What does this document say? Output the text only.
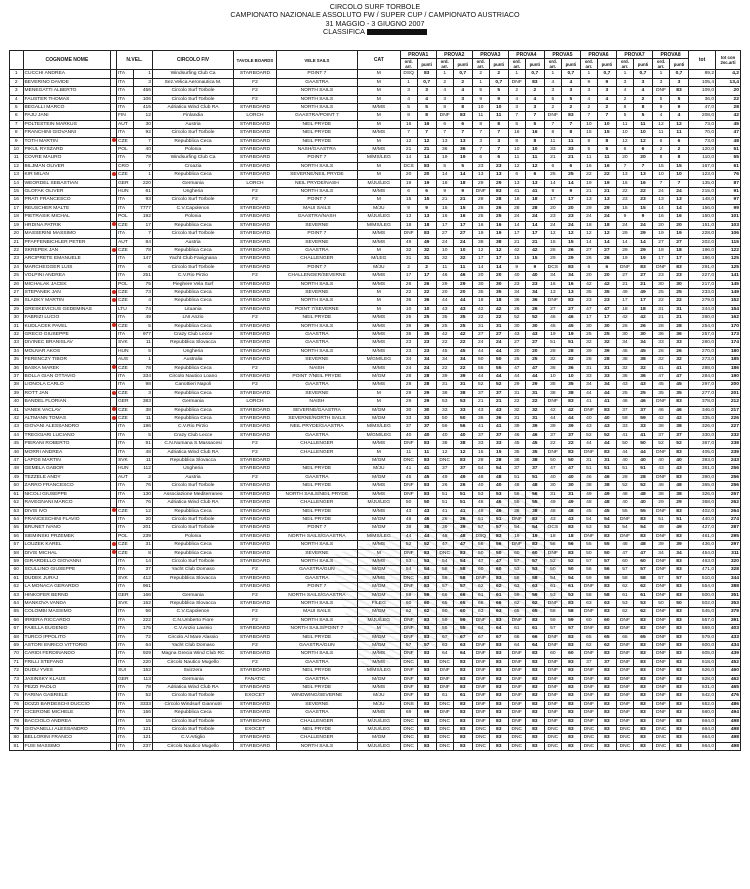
CIRCOLO SURF TORBOLE
CAMPIONATO NAZIONALE ASSOLUTO FW / SUPER CUP / CAMPIONATO AUSTRIACO
31 MAGGIO - 3 GIUGNO 2007
CLASSIFICA
	COGNOME NOME		N.VEL.		CIRCOLO FIV	TAVOLE BOARDS	VELE SAILS	CAT	PROVA1		PROVA2		PROVA3		PROVA4		PROVA5		PROVA6		PROVA7		PROVA8		tot	tot con 2sc.arti
									ord. arr.	punti	ord. arr.	punti	ord. arr.	punti	ord. arr.	punti	ord. arr.	punti	ord. arr.	punti	ord. arr.	punti	ord. arr.	punti		
1	CUCCHI ANDREA		ITA	1	Windsurfing Club Ca	STARBOARD	POINT 7	M	DSQ	83	1	0,7	2	2	1	0,7	1	0,7	1	0,7	1	0,7	1	0,7	89,2	4,2
2	BEVERINO DAVIDE		ITA	3	Sez.Velica Aeronautica M.	F2	GAASTRA	M	1	0,7	2	2	1	0,7	DNF	83	4	4	9	9	3	3	3	3	105,4	13,4
3	MENEGATTI ALBERTO		ITA	456	Circolo Surf Torbole	F2	NORTH SAILS	M	3	3	4	4	5	5	2	2	3	3	3	3	4	4	DNF	83	109,0	20
4	FAUSTER THOMAS		ITA	106	Circolo Surf Torbole	F2	NORTH SAILS	M	4	4	3	3	9	9	4	4	5	5	4	4	2	2	5	5	36,0	22
5	BEGALLI MARCO		ITA	415	Adriatica Wind Club RA	STARBOARD	NORTH SAILS	M/MS	5	5	8	8	10	10	3	3	2	2	2	2	8	8	9	9	47,0	28
6	PAJU JANI		FIN	12	Finlandia	LORCH	GAASTRA/POINT 7	M	8	8	DNF	83	11	11	7	7	DNF	83	7	7	5	5	4	4	208,0	42
7	POLTESTEIN MARKUS		AUT	30	Austria	STARBOARD	NEIL PRYDE	M	16	16	6	6	8	8	5	5	7	7	10	10	11	11	12	12	73,0	45
8	FRANCHINI GIOVANNI		ITA	92	Circolo Surf Torbole	STARBOARD	NEIL PRYDE	M/MS	7	7	7	7	7	7	16	16	8	8	15	15	10	10	11	11	70,0	47
9	TOTH MARTIN		CZE	7	Repubblica Ceca	STARBOARD	NEIL PRYDE	M	12	12	13	13	3	3	8	8	11	11	8	8	12	12	6	6	73,0	48
10	PIKUL RYSZARD		POL	40	Polonia	STARBOARD	NASH/GAASTRA	M/MS	21	21	36	36	7	7	10	10	33	33	5	5	6	6	2	2	120,0	51
11	COVRE MAURO		ITA	78	Windsurfing Club Ca	STARBOARD	POINT 7	M/MS/LEG	14	14	19	19	6	6	11	11	21	21	11	11	20	20	8	8	110,0	55
12	BILJMAN OLIVER		CRO	7	Croazia	STARBOARD	NORTH SAILS	M	DCS	83	5	5	23	23	12	12	6	6	16	16	7	7	15	15	167,0	61
13	KIR MILAN		CZE	1	Repubblica Ceca	STARBOARD	SEVERNE/NEIL PRYDE	M	20	20	14	14	13	13	6	6	25	25	22	22	13	13	10	10	123,0	76
14	WEORDEL SEBASTIAN		GER	220	Germania	LORCH	NEIL PRYDE/NASH	M/JU/LEG	19	19	18	18	29	29	13	13	14	14	19	19	16	16	7	7	135,0	87
15	GLOFAK OLIVER		HUN	61	Ungheria	F2	NORTH SAILS	M/MS	6	6	9	9	DNF	83	41	41	9	9	21	21	22	22	24	24	215,0	91
16	PRATI FRANCESCO		ITA	93	Circolo Surf Torbole	F2	POINT 7	M	15	15	21	21	28	28	18	18	17	17	13	13	23	23	13	13	148,0	97
17	REUSCHER MALTE		ITA	7777	C.V.Capolenon	STARBOARD	MAUI SAILS	M/JU	9	9	15	15	26	26	28	28	20	20	29	29	15	15	14	14	156,0	99
18	PIETRASIK MICHAL		POL	192	Polonia	STARBOARD	GAASTRA/NASH	M/JU/LEG	13	13	16	16	25	25	24	24	23	23	24	24	9	9	16	16	150,0	101
19	HRDINA PATRIK		CZE	17	Repubblica Ceca	STARBOARD	SEVERNE	M/MS/LEG	18	18	17	17	16	16	14	14	24	24	18	18	24	24	20	20	151,0	103
20	MASSERINI MASSIMO		ITA	7	Circolo Surf Torbole	STARBOARD	POINT 7	M/MS	DNF	83	27	27	19	19	17	17	12	12	12	12	29	29	19	19	228,0	106
21	PFAFFENBICHLER PETER		AUT	84	Austria	STARBOARD	SEVERNE	M/MS	49	49	24	24	38	38	21	21	15	15	14	14	14	14	27	27	202,0	115
22	SKREPEK JAN		CZE	78	Repubblica Ceca	STARBOARD	GAASTRA	M	32	32	10	10	12	12	42	42	26	26	27	27	29	29	18	18	196,0	122
23	ARCIPRETE EMANUELE		ITA	147	Yacht Club Favignana	STARBOARD	CHALLENGER	M/LEG	31	31	32	32	17	17	15	15	29	29	26	26	19	19	17	17	186,0	125
24	MARCHEGGER LUIS		ITA	6	Circolo Surf Torbole	STARBOARD	POINT 7	M/JU	2	2	11	11	14	14	9	9	DCS	83	6	6	DNF	83	DNF	83	291,0	125
25	VOLPINI ANDREA		ITA	251	C.V.Rio Pirzio	F2	CHALLENGER/SEVERNE	M/MS	17	17	46	46	20	20	40	40	34	34	20	20	27	27	23	23	227,0	141
26	MICHALAK JACEK		POL	75	Pieghere Vela Surf	STARBOARD	NORTH SAILS	M/MS	26	26	29	29	30	30	23	23	16	16	42	42	21	21	30	30	217,0	145
27	STEPANEK JAN		CZE	73	Repubblica Ceca	STARBOARD	SEVERNE	M	22	22	20	20	35	35	34	34	13	13	35	35	49	49	25	25	233,0	149
28	SLADKY MARTIN		CZE	4	Repubblica Ceca	STARBOARD	NORTH SAILS	M	36	36	44	44	18	18	36	36	DNF	83	23	23	17	17	22	22	279,0	152
29	GRESKEVICIUS GEDEMINAS		LTU	74	Lituania	STARBOARD	POINT 7/SEVERNE	M	10	10	43	43	42	42	26	26	27	27	47	47	18	18	31	31	244,0	154
30	FABRIZI LUCIO		ITA	49	LNI Anzio	F2	NEIL PRYDE	M/MS	25	25	35	35	22	22	52	52	46	46	17	17	42	42	21	21	260,0	162
31	KUDLACEK PAVEL		CZE	5	Repubblica Ceca	STARBOARD	NORTH SAILS	M/MS	39	39	25	25	31	31	30	30	45	45	30	30	26	26	28	28	254,0	170
32	GRECO GIUSEPPE		ITA	977	Crazy Club Lecce	STARBOARD	GAASTRA	M/MS	35	35	42	42	27	27	43	43	19	19	25	25	30	30	36	36	257,0	173
33	DIVINEC BRANISLAV		SVK	11	Repubblica Slovacca	STARBOARD	GAASTRA	M/MS	23	23	22	22	24	24	27	27	51	51	32	32	34	34	33	33	260,0	174
34	MOLNAR AKOS		HUN	5	Ungheria	STARBOARD	NORTH SAILS	M/MS	23	23	45	45	44	44	20	20	28	28	39	39	45	45	26	26	270,0	180
35	FERENCZY TIBOR		AUS	1	Australia	STARBOARD	SEVERNE	M/GM/LEG	34	34	34	34	50	50	25	25	32	32	28	28	38	38	32	32	273,0	185
36	BASKA MAREK		CZE	78	Repubblica Ceca	F2	NAISH	M/MS	24	24	22	22	55	55	47	47	36	36	31	31	32	32	41	41	288,0	186
37	BOLLA GIAN OTTAVIO		ITA	334	Circolo Nautico Loano	STARBOARD	POINT 7/NEIL PRYDE	M/GM	28	28	39	39	44	44	44	44	10	10	33	33	36	36	47	47	284,0	190
38	LIONOLA CARLO		ITA	98	Canottieri Napoli	F2	GAASTRA	M/MS	28	28	31	31	52	52	29	29	35	35	34	34	43	43	45	45	297,0	200
39	ROTT JAN		CZE	3	Repubblica Ceca	STARBOARD	SEVERNE	M	29	29	38	38	37	37	31	31	38	38	44	44	25	25	35	35	277,0	201
40	BANDEL FLORIAN		GER	383	Germania	LORCH	NAISH	M	29	29	53	53	21	21	22	22	DNF	83	41	41	46	46	DNF	83	378,0	212
41	VANEK VACLAV		CZE	38	Repubblica Ceca	STARBOARD	SEVERNE/GAASTRA	M/GM	30	30	33	33	43	43	32	32	42	42	DNF	83	37	37	46	46	346,0	217
42	ALTMANN TOMAS		CZE	11	Repubblica Ceca	STARBOARD	SEVERNE/NORTH SAILS	M/GM	33	33	50	50	36	36	31	31	44	44	40	40	59	59	42	42	335,0	226
43	GIOVANI ALESSANDRO		ITA	196	C.V.Rio Pirzio	STARBOARD	NEIL PRYDE/GAASTRA	M/MS/LEG	37	37	56	56	41	41	39	39	39	39	43	43	33	33	38	38	326,0	227
44	TREGGIARI LUCIANO		ITA	5	Crazy Club Lecce	STARBOARD	GAASTRA	M/GM/LEG	40	40	40	40	37	37	46	46	37	37	52	52	41	41	37	37	330,0	232
45	PIERANI ROBERTO		ITA	91	C.N.Numana S.Massacesi	F2	CHALLENGER	M/MS	DNF	83	38	38	33	33	45	45	22	22	44	44	50	50	52	52	367,0	238
46	MORRI ANDREA		ITA	48	Adriatica Wind Club RA	F2	CHALLENGER	M	11	11	12	12	15	15	35	35	DNF	83	DNF	83	44	44	DNF	83	405,0	239
47	LAPOS MARTIN		SVK	11	Repubblica Slovacca	STARBOARD		M/GM	DNC	83	DNC	83	28	28	38	38	50	50	31	31	40	40	40	40	393,0	243
48	GEMELA GABOR		HUN	112	Ungheria	STARBOARD	NEIL PRYDE	M/JU	41	41	37	37	54	54	37	37	47	47	51	51	51	51	43	43	361,0	256
49	TEZZELE ANDY		AUT	2	Austria	F2	GAASTRA	M/GM	45	45	49	49	48	48	51	51	40	40	46	46	28	28	DNF	83	390,0	256
50	ZARRO FRANCESCO		ITA	76	Circolo Surf Torbole	STARBOARD	NEIL PRYDE	M/MS	DNF	83	26	26	40	40	48	48	30	30	38	38	52	52	48	48	365,0	256
51	NICOLI GIUSEPPE		ITA	130	Associazione Mediterraneo	STARBOARD	NORTH SAILS/NEIL PRYDE	M/MS	DNF	83	51	51	53	53	56	56	31	31	49	49	48	48	38	38	326,0	257
52	RAVEGNANI MARCO		ITA	76	Adriatica Wind Club RA	STARBOARD	CHALLENGER	M/JU/LEG	50	50	51	51	46	46	55	55	49	49	48	48	40	40	29	29	368,0	262
53	DIVIS IVO		CZE	12	Repubblica Ceca	STARBOARD	NEIL PRYDE	M/MS	43	43	41	41	49	49	38	38	48	48	45	45	55	55	DNF	83	402,0	264
54	FRANCESCHINI FLAVIO		ITA	20	Circolo Surf Torbole	STARBOARD	NEIL PRYDE	M/GM	46	46	26	26	51	51	DNF	83	43	43	54	54	DNF	83	51	51	440,0	274
55	BRUNET IVANO		ITA	201	Circolo Surf Torbole	STARBOARD	POINT 7	M/GM	38	38	39	39	57	57	54	54	OCS	83	53	53	54	54	49	49	427,0	287
56	SIEMINSKI PRZEMEK		POL	239	Polonia	STARBOARD	NORTH SAILS/GAASTRA	M/MS/LEG	44	44	48	48	DSQ	83	19	19	18	18	DNF	83	DNF	83	DNF	83	461,0	295
57	LOUZEK KAREL		CZE	31	Repubblica Ceca	STARBOARD	NORTH SAILS	M/MS	52	52	47	47	56	56	DNF	83	56	56	55	55	48	48	39	39	436,0	297
58	DIVIS MICHAL		CZE	8	Repubblica Ceca	STARBOARD	SEVERNE	M	DNF	83	DNC	83	50	50	60	60	DNF	83	50	50	47	47	34	34	454,0	311
59	GIRARDELLO GIOVANNI		ITA	14	Circolo Surf Torbole	STARBOARD	NORTH SAILS	M/MS	53	53	54	54	47	47	57	57	52	52	57	57	60	60	DNF	83	463,0	320
60	SCULLINO GIUSEPPE		ITA	37	Yacht Club Domaso	F2	GAASTRA/GUN	M/GM	54	54	58	58	60	60	53	53	50	50	56	56	57	57	DNF	83	471,0	328
61	DUDEK JURAJ		SVK	412	Repubblica Slovacca	STARBOARD	GAASTRA	M/MS	DNC	83	58	58	DNF	83	58	58	54	54	59	59	58	58	57	57	510,0	344
62	LA MONACA GERARDO		ITA	961		STARBOARD	POINT 7	M/GM	DNF	83	57	57	62	62	63	63	61	61	DNF	83	62	62	DNF	83	554,0	388
63	HINKOFER BERND		GER	166	Germania	F2	NORTH SAILS/GAASTRA	M/GM	59	59	66	66	61	61	59	59	53	53	58	58	61	61	DNF	83	500,0	351
64	MANKOVA VANDA		SVK	152	Repubblica Slovacca	STARBOARD	NORTH SAILS	F/LEG	60	60	65	65	66	66	62	62	DNF	83	63	63	53	53	50	50	502,0	353
65	COLOMBI MASSIMO		ITA	56	C.V.Capolenon	F2	MAUI SAILS	M/GM	62	62	60	60	63	63	65	65	58	58	DNF	83	62	62	DNF	83	545,0	379
66	IRRERA RICCARDO		ITA	222	C.N.Umberto Fiore	F2	NORTH SAILS	M/JU/LEG	DNF	83	59	59	DNF	83	DNF	83	59	59	60	60	DNF	83	DNF	83	557,0	391
67	FAIELLA EUGENIO		ITA	175	C.V.Anzio Lavinio	STARBOARD	NORTH SAILS/POINT 7	M	DNF	83	55	55	64	64	61	61	57	57	DNF	83	DNF	83	DNF	83	569,0	403
68	TURCO IPPOLITO		ITA	72	Circolo Al Mare Alassio	STARBOARD	NEIL PRYDE	M/GM	DNF	83	67	67	67	67	66	66	DNF	83	65	65	65	65	DNF	83	579,0	433
69	ASTORI ENRICO VITTORIO		ITA	64	Yacht Club Domaso	F2	GAASTRA/GUN	M/GM	57	57	63	63	DNF	83	64	64	DNF	83	62	62	DNF	83	DNF	83	600,0	434
70	CARIDI FERDINANDO		ITA	929	Magna Grecia Wind Club RC	STARBOARD	NORTH SAILS	M/MS	DNF	83	64	64	DNF	83	DNF	83	60	60	DNF	83	DNF	83	DNF	83	605,0	439
71	FRILLI STEFANO		ITA	220	Circolo Nautico Mugello	F2	GAASTRA	M/MS	DNC	83	DNC	83	DNF	83	DNF	83	DNF	83	37	37	DNF	83	DNF	83	618,0	452
72	DUDU YVES		SUI	152	Svizzera	STARBOARD	NEIL PRYDE	M/MS/LEG	DNF	83	DNF	83	DNF	83	DNF	83	DNF	83	DNF	83	DNF	83	DNF	83	626,0	460
73	JASINSKY KLAUS		GER	113	Germania	FANATIC	GAASTRA	M/GM	DNF	83	DNF	83	DNF	83	DNF	83	DNF	83	DNF	83	DNF	83	DNF	83	628,0	462
74	PEZZI PAOLO		ITA	78	Adriatica Wind Club RA	STARBOARD	NEIL PRYDE	M/MS	DNF	83	DNF	83	DNF	83	DNF	83	DNF	83	DNF	83	DNF	83	DNF	83	631,0	465
75	FARINA GABRIELE		ITA	52	Circolo Surf Torbole	EXOCET	WINDWING/SEVERNE	M/JU	DNF	83	61	61	DNF	83	DNF	83	DNF	83	DNF	83	DNF	83	DNF	83	642,0	476
76	DOZZI BARDESCHI DUCCIO		ITA	3333	Circolo Windsurf Giannutri	STARBOARD	SEVERNE	M/JU	DNS	83	DNC	83	DNF	83	DNF	83	DNF	83	DNF	83	DNF	83	DNF	83	652,0	486
77	CICERONE MICHELE		ITA	156	Repubblica Ceca	STARBOARD	GAASTRA	M/MS	69	69	DNF	83	DNF	83	DNF	83	DNF	83	DNF	83	DNF	83	DNF	83	660,0	494
78	BACCIOLO ANDREA		ITA	15	Circolo Surf Torbole	STARBOARD	CHALLENGER	M/JU/LEG	DNC	83	DNC	83	DNF	83	DNF	83	DNF	83	DNF	83	DNF	83	DNF	83	664,0	498
79	GIOVANELLI ALESSANDRO		ITA	121	Circolo Surf Torbole	EXOCET	NEIL PRYDE	M/JU/LEG	DNC	83	DNC	83	DNC	83	DNC	83	DNC	83	DNC	83	DNC	83	DNC	83	664,0	498
80	BELLORINI FRANCO		ITA	121	C.V.Artiglio	STARBOARD	CHALLENGER	M/GM	DNC	83	DNC	83	DNC	83	DNC	83	DNC	83	DNC	83	DNC	83	DNC	83	664,0	498
81	FUSI MASSIMO		ITA	237	Circolo Nautico Mugello	STARBOARD	NORTH SAILS	M/JU/LEG	DNC	83	DNC	83	DNC	83	DNC	83	DNC	83	DNC	83	DNC	83	DNC	83	664,0	498
